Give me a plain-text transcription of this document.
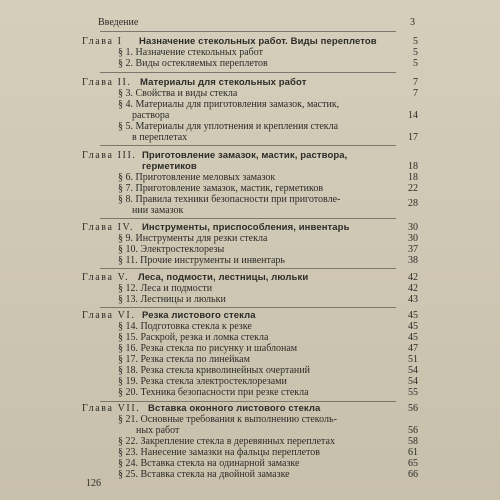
Введение	3
Глава I Назначение стекольных работ. Виды переплетов	5
§ 1. Назначение стекольных работ	5
§ 2. Виды остекляемых переплетов	5
Глава II. Материалы для стекольных работ	7
§ 3. Свойства и виды стекла	7
§ 4. Материалы для приготовления замазок, мастик,
раствора	14
§ 5. Материалы для уплотнения и крепления стекла
в переплетах	17
Глава III. Приготовление замазок, мастик, раствора,
герметиков	18
§ 6. Приготовление меловых замазок	18
§ 7. Приготовление замазок, мастик, герметиков	22
§ 8. Правила техники безопасности при приготовле-	28
нии замазок
Глава IV. Инструменты, приспособления, инвентарь	30
§ 9. Инструменты для резки стекла	30
§ 10. Электростеклорезы	37
§ 11. Прочие инструменты и инвентарь	38
Глава V. Леса, подмости, лестницы, люльки	42
§ 12. Леса и подмости	42
§ 13. Лестницы и люльки	43
Глава VI. Резка листового стекла	45
§ 14. Подготовка стекла к резке	45
§ 15. Раскрой, резка и ломка стекла	45
§ 16. Резка стекла по рисунку и шаблонам	47
§ 17. Резка стекла по линейкам	51
§ 18. Резка стекла криволинейных очертаний	54
§ 19. Резка стекла электростеклорезами	54
§ 20. Техника безопасности при резке стекла	55
Глава VII. Вставка оконного листового стекла	56
§ 21. Основные требования к выполнению стеколь-
ных работ	56
§ 22. Закрепление стекла в деревянных переплетах	58
§ 23. Нанесение замазки на фальцы переплетов	61
§ 24. Вставка стекла на одинарной замазке	65
§ 25. Вставка стекла на двойной замазке	66
126
